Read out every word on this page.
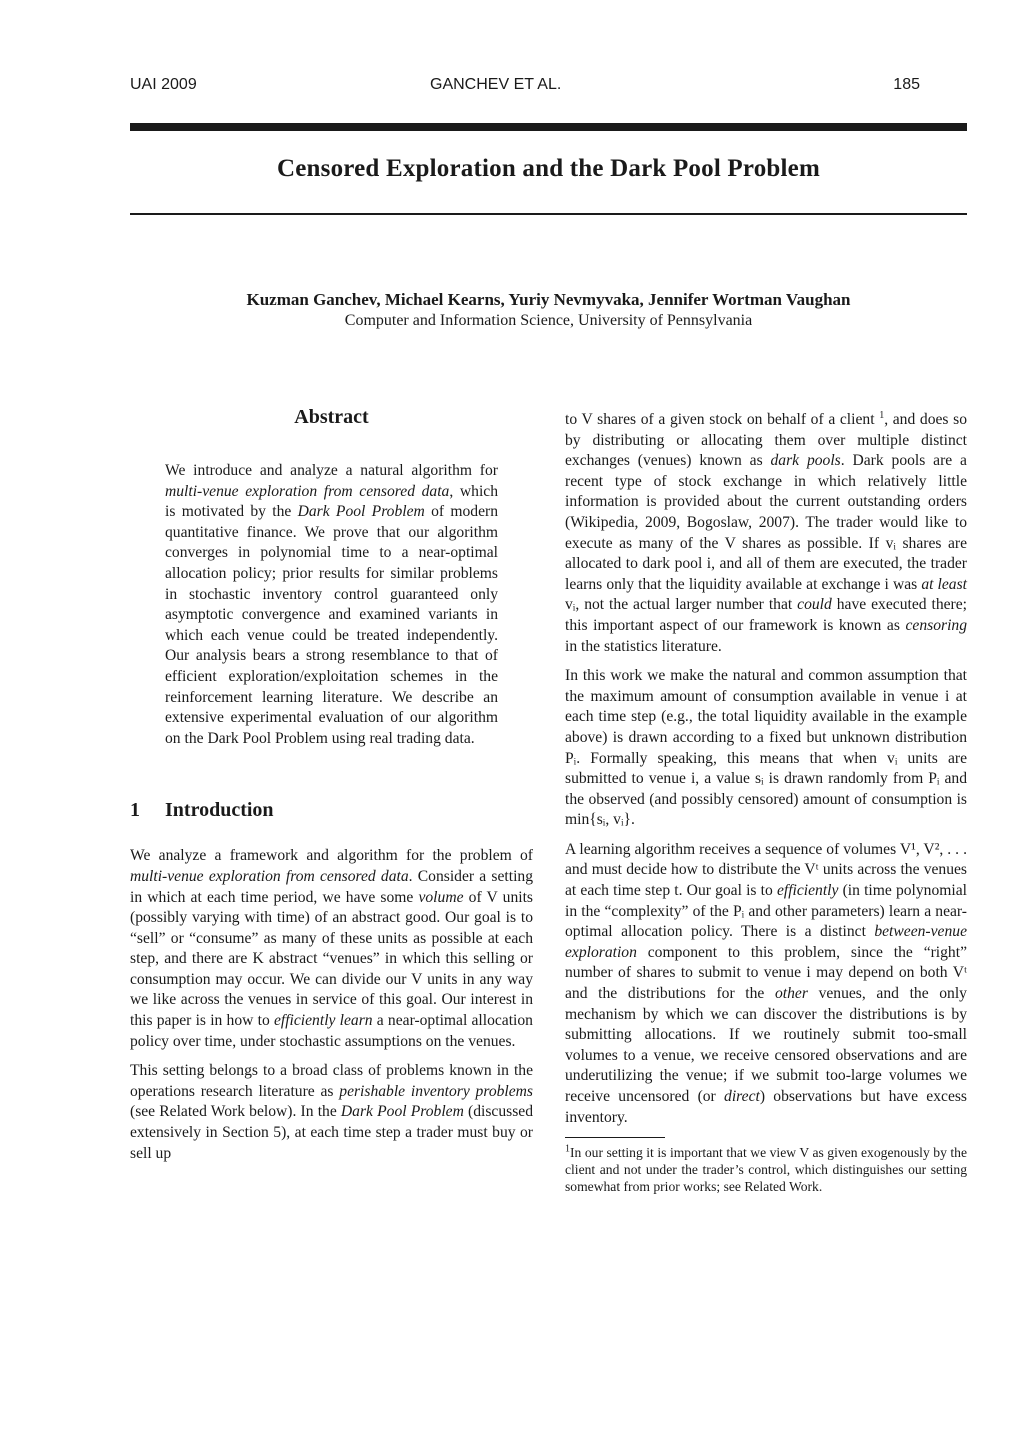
UAI 2009	GANCHEV ET AL.	185
Censored Exploration and the Dark Pool Problem
Kuzman Ganchev, Michael Kearns, Yuriy Nevmyvaka, Jennifer Wortman Vaughan
Computer and Information Science, University of Pennsylvania
Abstract
We introduce and analyze a natural algorithm for multi-venue exploration from censored data, which is motivated by the Dark Pool Problem of modern quantitative finance. We prove that our algorithm converges in polynomial time to a near-optimal allocation policy; prior results for similar problems in stochastic inventory control guaranteed only asymptotic convergence and examined variants in which each venue could be treated independently. Our analysis bears a strong resemblance to that of efficient exploration/exploitation schemes in the reinforcement learning literature. We describe an extensive experimental evaluation of our algorithm on the Dark Pool Problem using real trading data.
1 Introduction

We analyze a framework and algorithm for the problem of multi-venue exploration from censored data. Consider a setting in which at each time period, we have some volume of V units (possibly varying with time) of an abstract good. Our goal is to “sell” or “consume” as many of these units as possible at each step, and there are K abstract “venues” in which this selling or consumption may occur. We can divide our V units in any way we like across the venues in service of this goal. Our interest in this paper is in how to efficiently learn a near-optimal allocation policy over time, under stochastic assumptions on the venues.

This setting belongs to a broad class of problems known in the operations research literature as perishable inventory problems (see Related Work below). In the Dark Pool Problem (discussed extensively in Section 5), at each time step a trader must buy or sell up

to V shares of a given stock on behalf of a client $^1$, and does so by distributing or allocating them over multiple distinct exchanges (venues) known as dark pools. Dark pools are a recent type of stock exchange in which relatively little information is provided about the current outstanding orders (Wikipedia, 2009, Bogoslaw, 2007). The trader would like to execute as many of the V shares as possible. If vᵢ shares are allocated to dark pool i, and all of them are executed, the trader learns only that the liquidity available at exchange i was at least vᵢ, not the actual larger number that could have executed there; this important aspect of our framework is known as censoring in the statistics literature.

In this work we make the natural and common assumption that the maximum amount of consumption available in venue i at each time step (e.g., the total liquidity available in the example above) is drawn according to a fixed but unknown distribution Pᵢ. Formally speaking, this means that when vᵢ units are submitted to venue i, a value sᵢ is drawn randomly from Pᵢ and the observed (and possibly censored) amount of consumption is min{sᵢ, vᵢ}.

A learning algorithm receives a sequence of volumes V¹, V², . . . and must decide how to distribute the Vᵗ units across the venues at each time step t. Our goal is to efficiently (in time polynomial in the “complexity” of the Pᵢ and other parameters) learn a near-optimal allocation policy. There is a distinct between-venue exploration component to this problem, since the “right” number of shares to submit to venue i may depend on both Vᵗ and the distributions for the other venues, and the only mechanism by which we can discover the distributions is by submitting allocations. If we routinely submit too-small volumes to a venue, we receive censored observations and are underutilizing the venue; if we submit too-large volumes we receive uncensored (or direct) observations but have excess inventory.

$^1$In our setting it is important that we view V as given exogenously by the client and not under the trader’s control, which distinguishes our setting somewhat from prior works; see Related Work.
